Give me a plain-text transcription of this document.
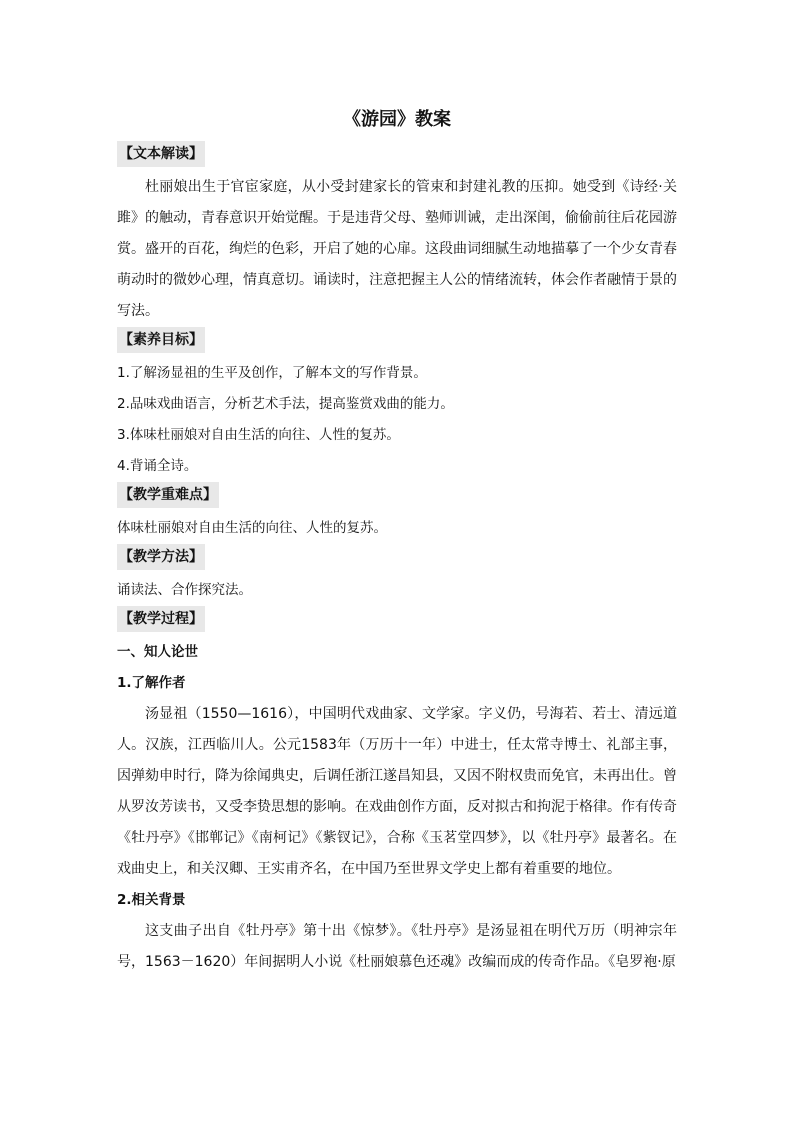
《游园》教案
【文本解读】

杜丽娘出生于官宦家庭，从小受封建家长的管束和封建礼教的压抑。她受到《诗经·关雎》的触动，青春意识开始觉醒。于是违背父母、塾师训诫，走出深闺，偷偷前往后花园游赏。盛开的百花，绚烂的色彩，开启了她的心扉。这段曲词细腻生动地描摹了一个少女青春萌动时的微妙心理，情真意切。诵读时，注意把握主人公的情绪流转，体会作者融情于景的写法。

【素养目标】

1.了解汤显祖的生平及创作，了解本文的写作背景。

2.品味戏曲语言，分析艺术手法，提高鉴赏戏曲的能力。

3.体味杜丽娘对自由生活的向往、人性的复苏。

4.背诵全诗。

【教学重难点】

体味杜丽娘对自由生活的向往、人性的复苏。

【教学方法】

诵读法、合作探究法。

【教学过程】

一、知人论世

1.了解作者

汤显祖（1550—1616），中国明代戏曲家、文学家。字义仍，号海若、若士、清远道人。汉族，江西临川人。公元1583年（万历十一年）中进士，任太常寺博士、礼部主事，因弹劾申时行，降为徐闻典史，后调任浙江遂昌知县，又因不附权贵而免官，未再出仕。曾从罗汝芳读书，又受李贽思想的影响。在戏曲创作方面，反对拟古和拘泥于格律。作有传奇《牡丹亭》《邯郸记》《南柯记》《紫钗记》，合称《玉茗堂四梦》，以《牡丹亭》最著名。在戏曲史上，和关汉卿、王实甫齐名，在中国乃至世界文学史上都有着重要的地位。

2.相关背景

这支曲子出自《牡丹亭》第十出《惊梦》。《牡丹亭》是汤显祖在明代万历（明神宗年号，1563－1620）年间据明人小说《杜丽娘慕色还魂》改编而成的传奇作品。《皂罗袍·原
